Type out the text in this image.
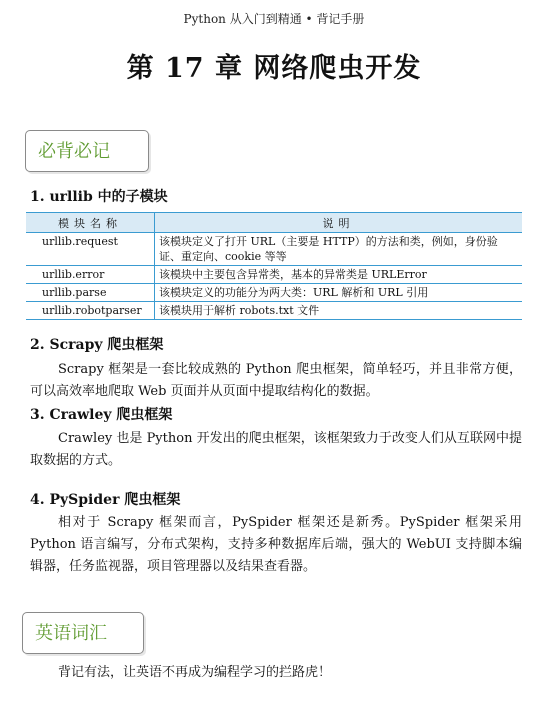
Python 从入门到精通 • 背记手册
第 17 章 网络爬虫开发
必背必记
1. urllib 中的子模块
模块名称	说明
urllib.request	该模块定义了打开 URL（主要是 HTTP）的方法和类，例如，身份验证、重定向、cookie 等等
urllib.error	该模块中主要包含异常类，基本的异常类是 URLError
urllib.parse	该模块定义的功能分为两大类：URL 解析和 URL 引用
urllib.robotparser	该模块用于解析 robots.txt 文件
2. Scrapy 爬虫框架
Scrapy 框架是一套比较成熟的 Python 爬虫框架，简单轻巧，并且非常方便，可以高效率地爬取 Web 页面并从页面中提取结构化的数据。
3. Crawley 爬虫框架
Crawley 也是 Python 开发出的爬虫框架，该框架致力于改变人们从互联网中提取数据的方式。
4. PySpider 爬虫框架
相对于 Scrapy 框架而言，PySpider 框架还是新秀。PySpider 框架采用 Python 语言编写，分布式架构，支持多种数据库后端，强大的 WebUI 支持脚本编辑器，任务监视器，项目管理器以及结果查看器。
英语词汇
背记有法，让英语不再成为编程学习的拦路虎！
